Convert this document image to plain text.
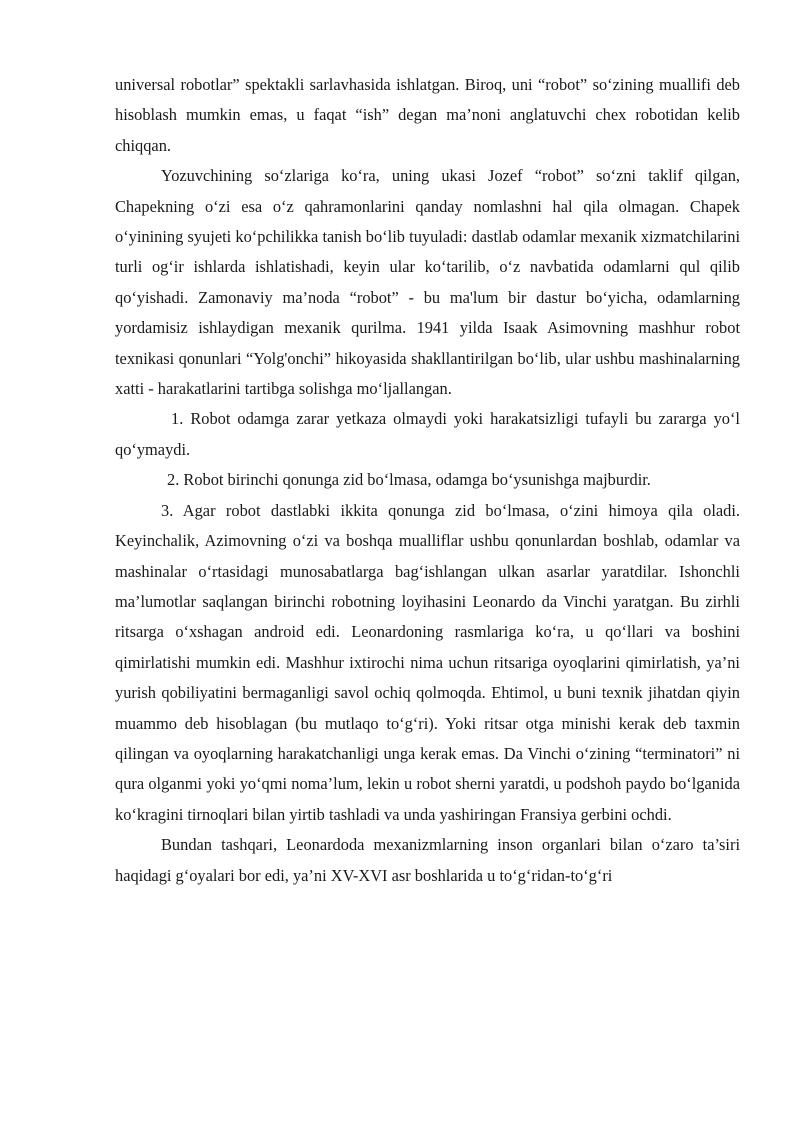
universal robotlar” spektakli sarlavhasida ishlatgan. Biroq, uni “robot” so‘zining muallifi deb hisoblash mumkin emas, u faqat “ish” degan ma’noni anglatuvchi chex robotidan kelib chiqqan.

Yozuvchining so‘zlariga ko‘ra, uning ukasi Jozef “robot” so‘zni taklif qilgan, Chapekning o‘zi esa o‘z qahramonlarini qanday nomlashni hal qila olmagan. Chapek o‘yinining syujeti ko‘pchilikka tanish bo‘lib tuyuladi: dastlab odamlar mexanik xizmatchilarini turli og‘ir ishlarda ishlatishadi, keyin ular ko‘tarilib, o‘z navbatida odamlarni qul qilib qo‘yishadi. Zamonaviy ma’noda “robot” - bu ma'lum bir dastur bo‘yicha, odamlarning yordamisiz ishlaydigan mexanik qurilma. 1941 yilda Isaak Asimovning mashhur robot texnikasi qonunlari “Yolg'onchi” hikoyasida shakllantirilgan bo‘lib, ular ushbu mashinalarning xatti - harakatlarini tartibga solishga mo‘ljallangan.

1. Robot odamga zarar yetkaza olmaydi yoki harakatsizligi tufayli bu zararga yo‘l qo‘ymaydi.

2. Robot birinchi qonunga zid bo‘lmasa, odamga bo‘ysunishga majburdir.

3. Agar robot dastlabki ikkita qonunga zid bo‘lmasa, o‘zini himoya qila oladi. Keyinchalik, Azimovning o‘zi va boshqa mualliflar ushbu qonunlardan boshlab, odamlar va mashinalar o‘rtasidagi munosabatlarga bag‘ishlangan ulkan asarlar yaratdilar. Ishonchli ma’lumotlar saqlangan birinchi robotning loyihasini Leonardo da Vinchi yaratgan. Bu zirhli ritsarga o‘xshagan android edi. Leonardoning rasmlariga ko‘ra, u qo‘llari va boshini qimirlatishi mumkin edi. Mashhur ixtirochi nima uchun ritsariga oyoqlarini qimirlatish, ya’ni yurish qobiliyatini bermaganligi savol ochiq qolmoqda. Ehtimol, u buni texnik jihatdan qiyin muammo deb hisoblagan (bu mutlaqo to‘g‘ri). Yoki ritsar otga minishi kerak deb taxmin qilingan va oyoqlarning harakatchanligi unga kerak emas. Da Vinchi o‘zining “terminatori” ni qura olganmi yoki yo‘qmi noma’lum, lekin u robot sherni yaratdi, u podshoh paydo bo‘lganida ko‘kragini tirnoqlari bilan yirtib tashladi va unda yashiringan Fransiya gerbini ochdi.

Bundan tashqari, Leonardoda mexanizmlarning inson organlari bilan o‘zaro ta’siri haqidagi g‘oyalari bor edi, ya’ni XV-XVI asr boshlarida u to‘g‘ridan-to‘g‘ri
